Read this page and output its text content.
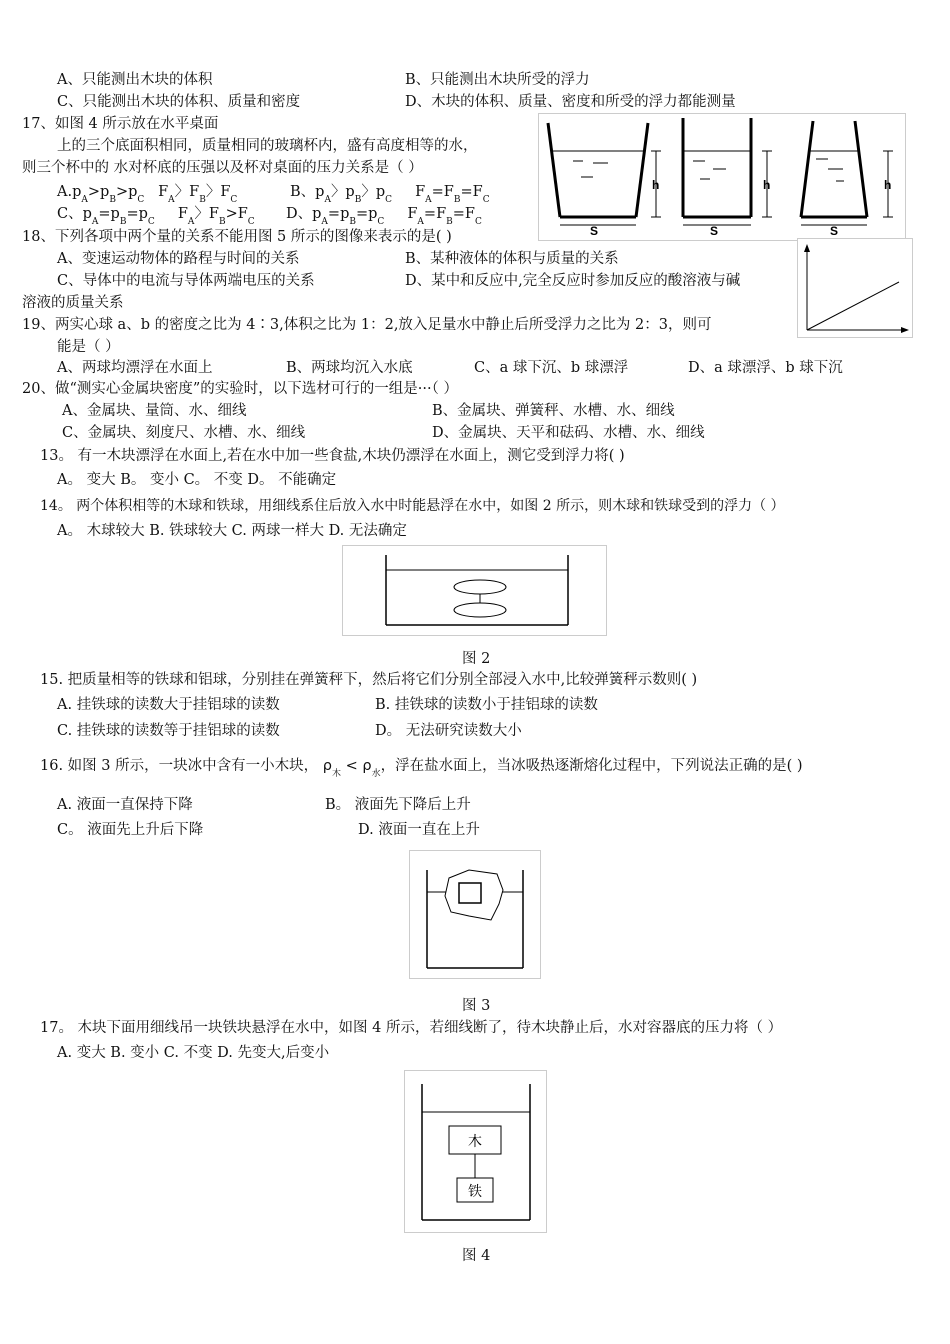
A、只能测出木块的体积	B、只能测出木块所受的浮力
C、只能测出木块的体积、质量和密度	D、木块的体积、质量、密度和所受的浮力都能测量
17、如图 4 所示放在水平桌面
上的三个底面积相同，质量相同的玻璃杯内，盛有高度相等的水，
则三个杯中的 水对杯底的压强以及杯对桌面的压力关系是（ ）
$A.p_A>p_B>p_C$   $F_A$〉$F_B$〉$F_C$	B、$p_A$〉$p_B$〉$p_C$     $F_A=F_B=F_C$
C、$p_A=p_B=p_C$     $F_A$〉$F_B>F_C$ D、$p_A=p_B=p_C$     $F_A=F_B=F_C$
h
S
h
S
h
S
18、下列各项中两个量的关系不能用图 5 所示的图像来表示的是( )
A、变速运动物体的路程与时间的关系	B、某种液体的体积与质量的关系
C、导体中的电流与导体两端电压的关系	D、某中和反应中,完全反应时参加反应的酸溶液与碱
溶液的质量关系
19、两实心球 a、b 的密度之比为 4∶3,体积之比为 1：2,放入足量水中静止后所受浮力之比为 2：3，则可
能是（ ）
A、两球均漂浮在水面上	B、两球均沉入水底	C、a 球下沉、b 球漂浮	D、a 球漂浮、b 球下沉
20、做“测实心金属块密度”的实验时，以下选材可行的一组是···（ ）
A、金属块、量筒、水、细线	B、金属块、弹簧秤、水槽、水、细线
C、金属块、刻度尺、水槽、水、细线	D、金属块、天平和砝码、水槽、水、细线
13。 有一木块漂浮在水面上,若在水中加一些食盐,木块仍漂浮在水面上，测它受到浮力将( )
A。 变大 B。 变小 C。 不变 D。 不能确定
14。 两个体积相等的木球和铁球，用细线系住后放入水中时能悬浮在水中，如图 2 所示，则木球和铁球受到的浮力（ ）
A。 木球较大 B. 铁球较大 C. 两球一样大 D. 无法确定
图 2
15. 把质量相等的铁球和铝球，分别挂在弹簧秤下，然后将它们分别全部浸入水中,比较弹簧秤示数则( )
A. 挂铁球的读数大于挂铝球的读数	B. 挂铁球的读数小于挂铝球的读数
C. 挂铁球的读数等于挂铝球的读数	D。 无法研究读数大小
16. 如图 3 所示，一块冰中含有一小木块， $\rho_木 < \rho_水$，浮在盐水面上，当冰吸热逐渐熔化过程中，下列说法正确的是( )
A. 液面一直保持下降	B。 液面先下降后上升
C。 液面先上升后下降	D. 液面一直在上升
图 3
17。 木块下面用细线吊一块铁块悬浮在水中，如图 4 所示，若细线断了，待木块静止后，水对容器底的压力将（ ）
A. 变大 B. 变小 C. 不变 D. 先变大,后变小
木
铁
图 4
